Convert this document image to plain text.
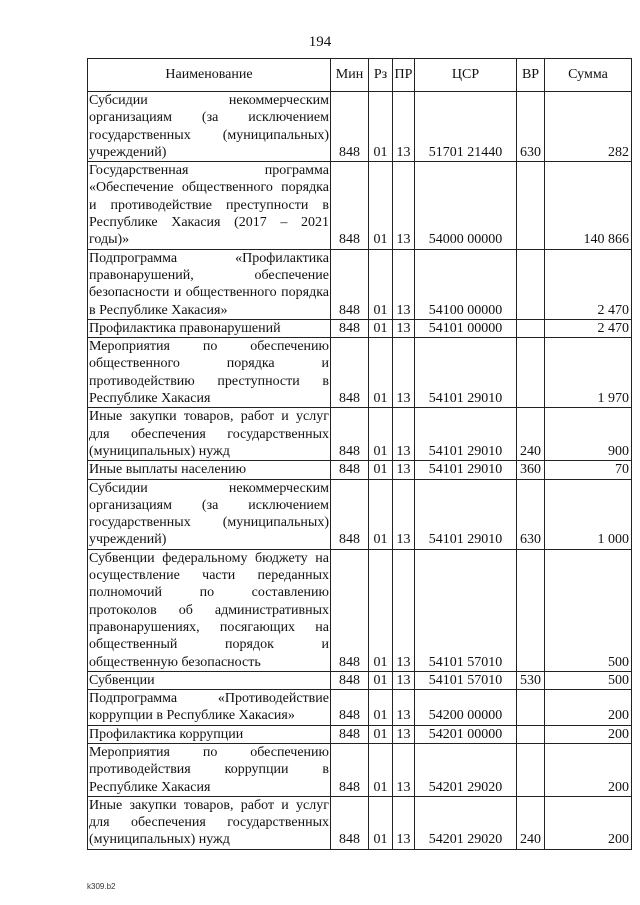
194
Наименование	Мин	Рз	ПР	ЦСР	ВР	Сумма
Субсидии некоммерческим организациям (за исключением государственных (муниципальных) учреждений)	848	01	13	51701 21440	630	282
Государственная программа «Обеспечение общественного порядка и противодействие преступности в Республике Хакасия (2017 – 2021 годы)»	848	01	13	54000 00000		140 866
Подпрограмма «Профилактика правонарушений, обеспечение безопасности и общественного порядка в Республике Хакасия»	848	01	13	54100 00000		2 470
Профилактика правонарушений	848	01	13	54101 00000		2 470
Мероприятия по обеспечению общественного порядка и противодействию преступности в Республике Хакасия	848	01	13	54101 29010		1 970
Иные закупки товаров, работ и услуг для обеспечения государственных (муниципальных) нужд	848	01	13	54101 29010	240	900
Иные выплаты населению	848	01	13	54101 29010	360	70
Субсидии некоммерческим организациям (за исключением государственных (муниципальных) учреждений)	848	01	13	54101 29010	630	1 000
Субвенции федеральному бюджету на осуществление части переданных полномочий по составлению протоколов об административных правонарушениях, посягающих на общественный порядок и общественную безопасность	848	01	13	54101 57010		500
Субвенции	848	01	13	54101 57010	530	500
Подпрограмма «Противодействие коррупции в Республике Хакасия»	848	01	13	54200 00000		200
Профилактика коррупции	848	01	13	54201 00000		200
Мероприятия по обеспечению противодействия коррупции в Республике Хакасия	848	01	13	54201 29020		200
Иные закупки товаров, работ и услуг для обеспечения государственных (муниципальных) нужд	848	01	13	54201 29020	240	200
k309.b2
